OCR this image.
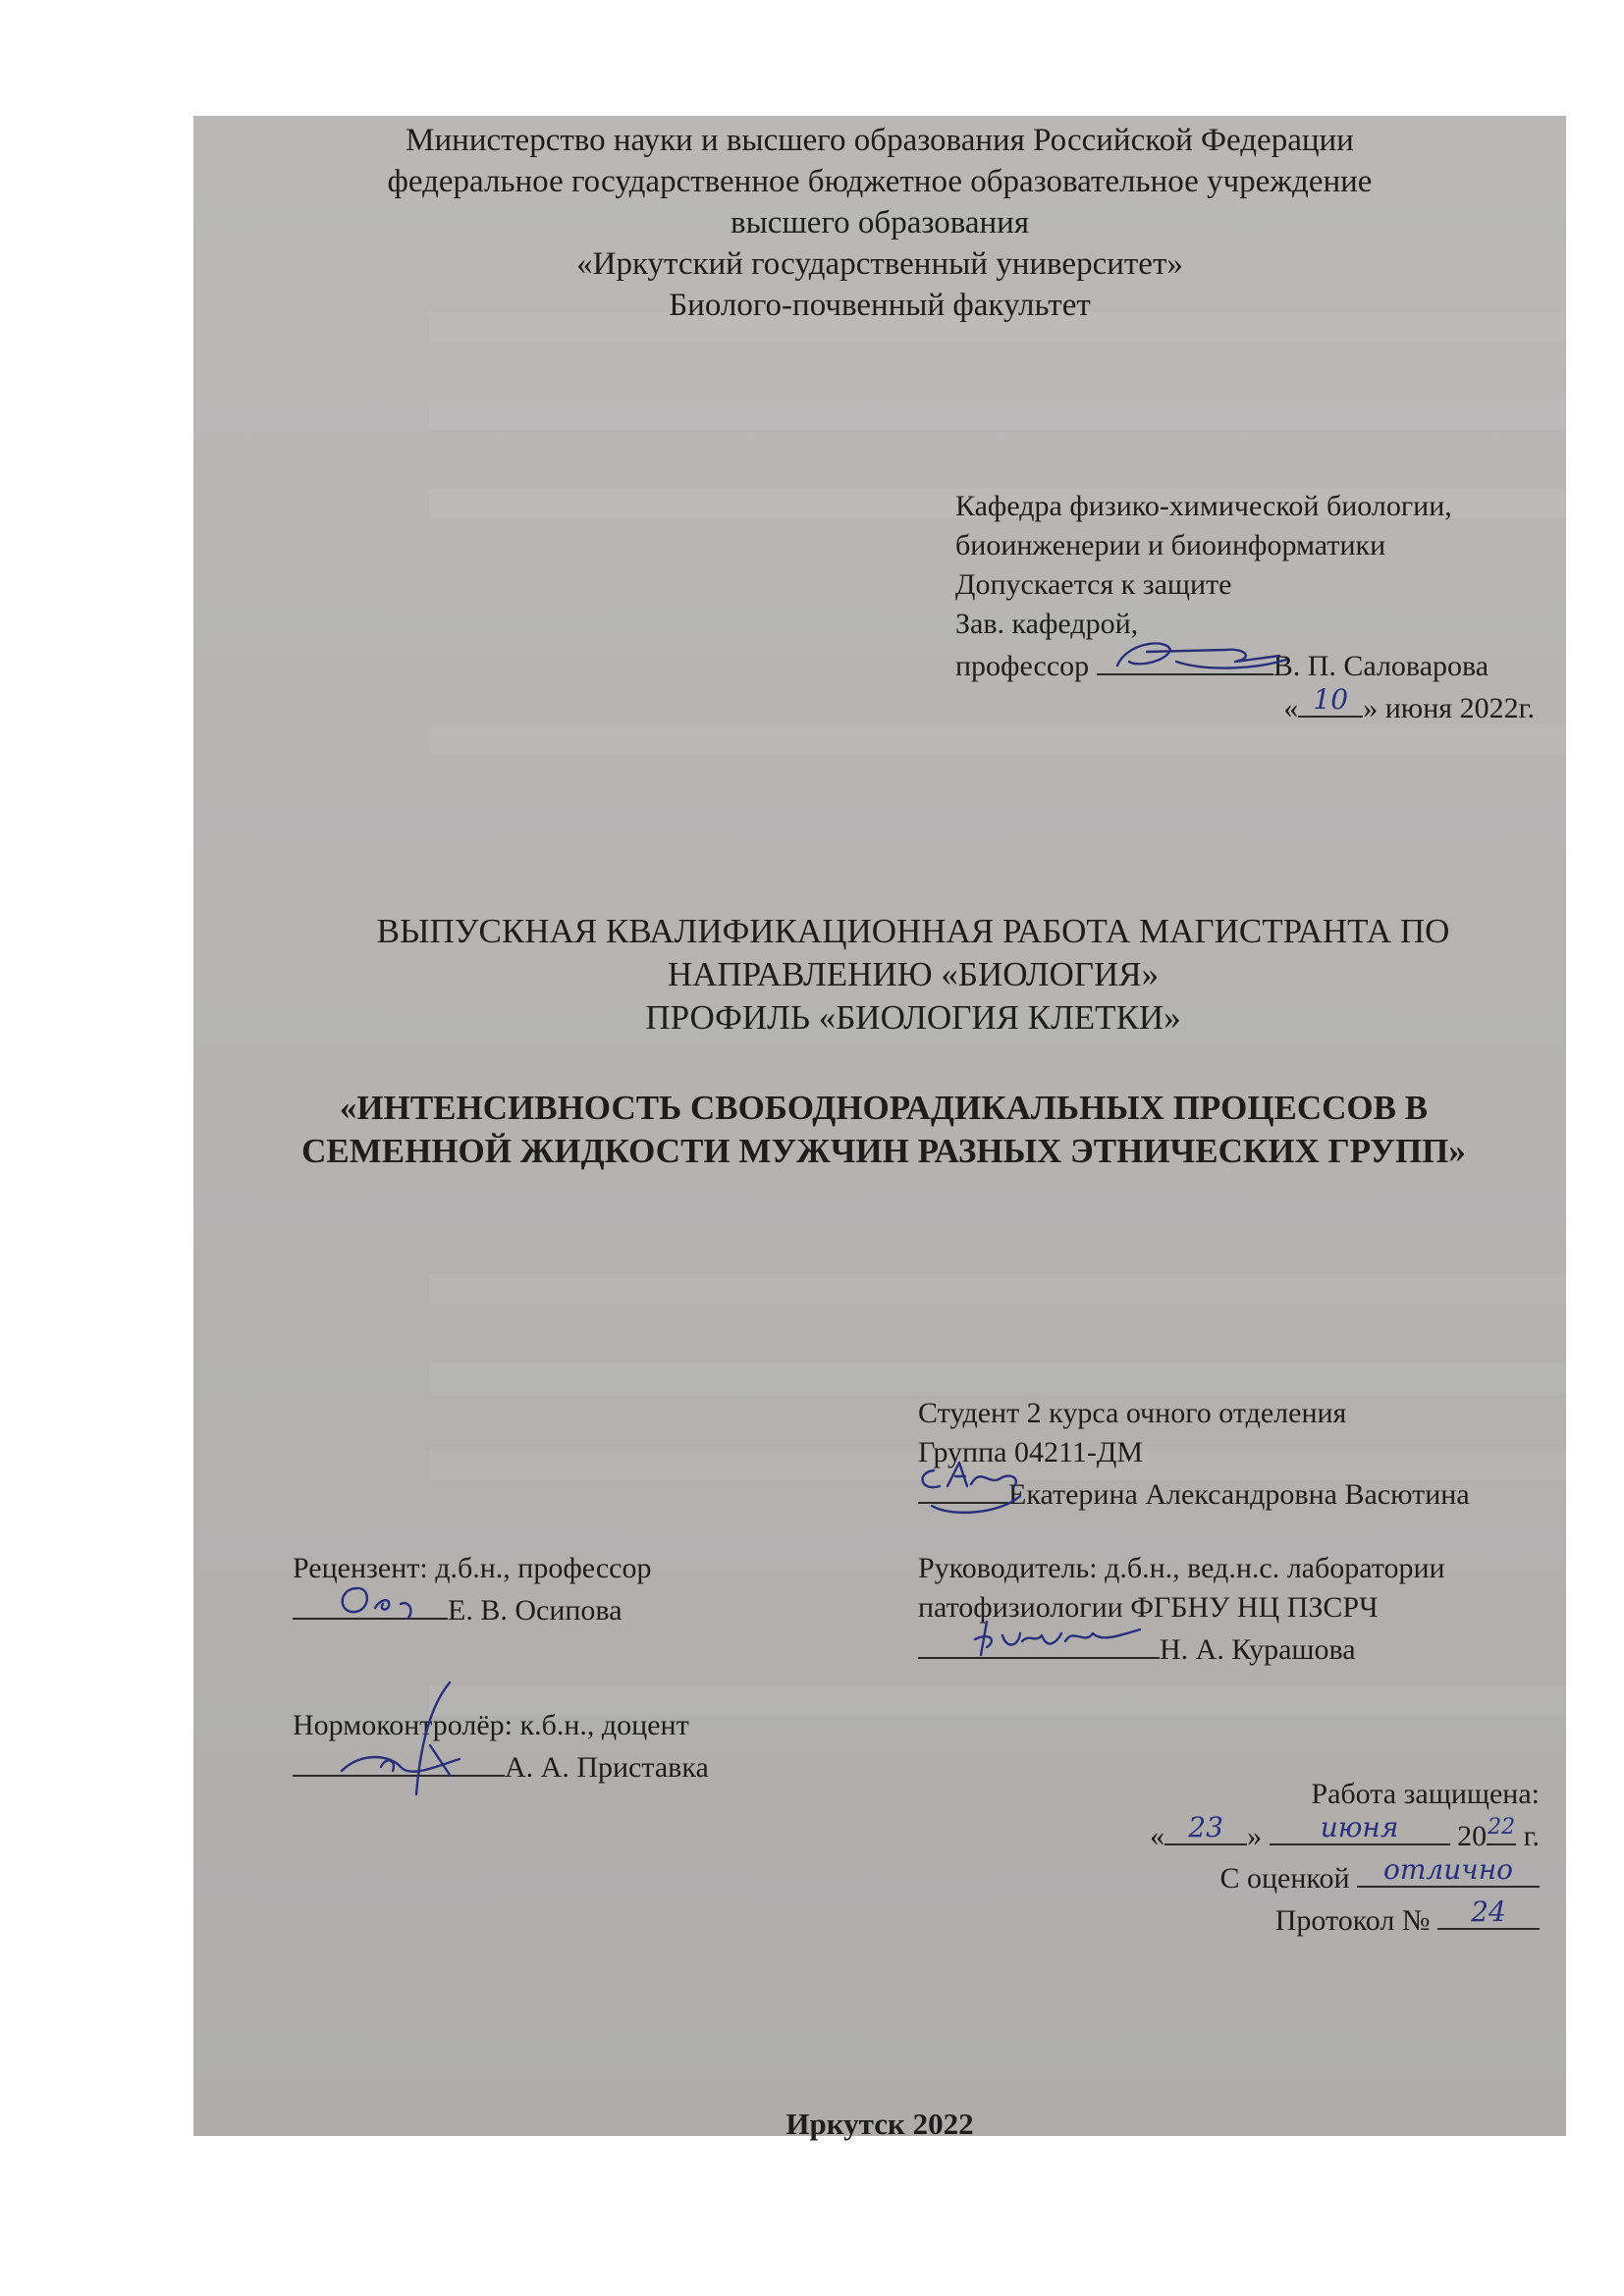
Министерство науки и высшего образования Российской Федерации
федеральное государственное бюджетное образовательное учреждение
высшего образования
«Иркутский государственный университет»
Биолого-почвенный факультет
Кафедра физико-химической биологии,
биоинженерии и биоинформатики
Допускается к защите
Зав. кафедрой,
профессор	В. П. Саловарова
« 10 » июня 2022г.
ВЫПУСКНАЯ КВАЛИФИКАЦИОННАЯ РАБОТА МАГИСТРАНТА ПО
НАПРАВЛЕНИЮ «БИОЛОГИЯ»
ПРОФИЛЬ «БИОЛОГИЯ КЛЕТКИ»
«ИНТЕНСИВНОСТЬ СВОБОДНОРАДИКАЛЬНЫХ ПРОЦЕССОВ В
СЕМЕННОЙ ЖИДКОСТИ МУЖЧИН РАЗНЫХ ЭТНИЧЕСКИХ ГРУПП»
Студент 2 курса очного отделения
Группа 04211-ДМ
Екатерина Александровна Васютина
Рецензент: д.б.н., профессор
Е. В. Осипова
Руководитель: д.б.н., вед.н.с. лаборатории
патофизиологии ФГБНУ НЦ ПЗСРЧ
Н. А. Курашова
Нормоконтролёр: к.б.н., доцент
А. А. Приставка
Работа защищена:
« 23 »	июня	20 22 г.
С оценкой	отлично
Протокол №	24
Иркутск 2022
